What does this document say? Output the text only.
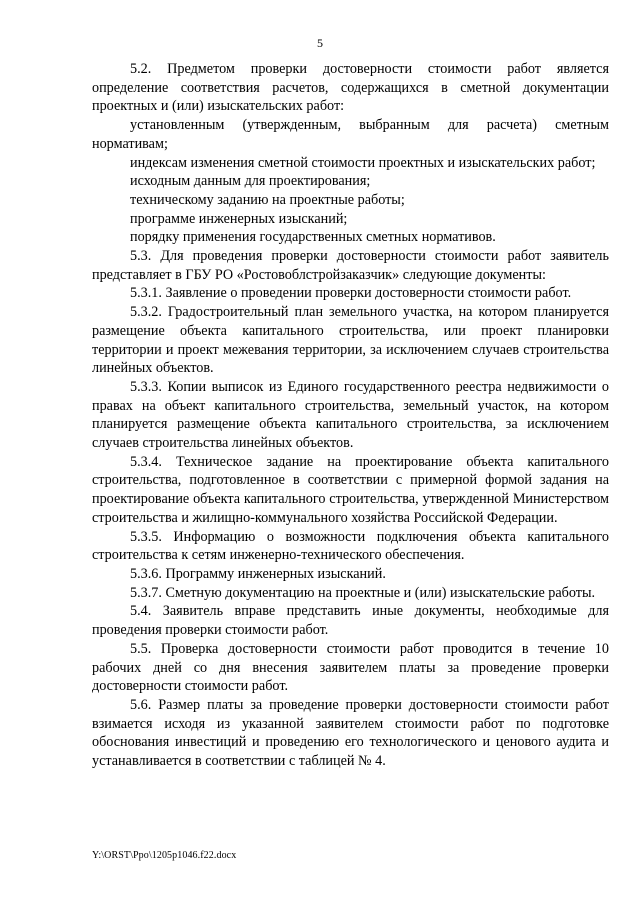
5

5.2. Предметом проверки достоверности стоимости работ является определение соответствия расчетов, содержащихся в сметной документации проектных и (или) изыскательских работ:

установленным (утвержденным, выбранным для расчета) сметным нормативам;

индексам изменения сметной стоимости проектных и изыскательских работ;

исходным данным для проектирования;

техническому заданию на проектные работы;

программе инженерных изысканий;

порядку применения государственных сметных нормативов.

5.3. Для проведения проверки достоверности стоимости работ заявитель представляет в ГБУ РО «Ростовоблстройзаказчик» следующие документы:

5.3.1. Заявление о проведении проверки достоверности стоимости работ.

5.3.2. Градостроительный план земельного участка, на котором планируется размещение объекта капитального строительства, или проект планировки территории и проект межевания территории, за исключением случаев строительства линейных объектов.

5.3.3. Копии выписок из Единого государственного реестра недвижимости о правах на объект капитального строительства, земельный участок, на котором планируется размещение объекта капитального строительства, за исключением случаев строительства линейных объектов.

5.3.4. Техническое задание на проектирование объекта капитального строительства, подготовленное в соответствии с примерной формой задания на проектирование объекта капитального строительства, утвержденной Министерством строительства и жилищно-коммунального хозяйства Российской Федерации.

5.3.5. Информацию о возможности подключения объекта капитального строительства к сетям инженерно-технического обеспечения.

5.3.6. Программу инженерных изысканий.

5.3.7. Сметную документацию на проектные и (или) изыскательские работы.

5.4. Заявитель вправе представить иные документы, необходимые для проведения проверки стоимости работ.

5.5. Проверка достоверности стоимости работ проводится в течение 10 рабочих дней со дня внесения заявителем платы за проведение проверки достоверности стоимости работ.

5.6. Размер платы за проведение проверки достоверности стоимости работ взимается исходя из указанной заявителем стоимости работ по подготовке обоснования инвестиций и проведению его технологического и ценового аудита и устанавливается в соответствии с таблицей № 4.

Y:\ORST\Ppo\1205p1046.f22.docx
